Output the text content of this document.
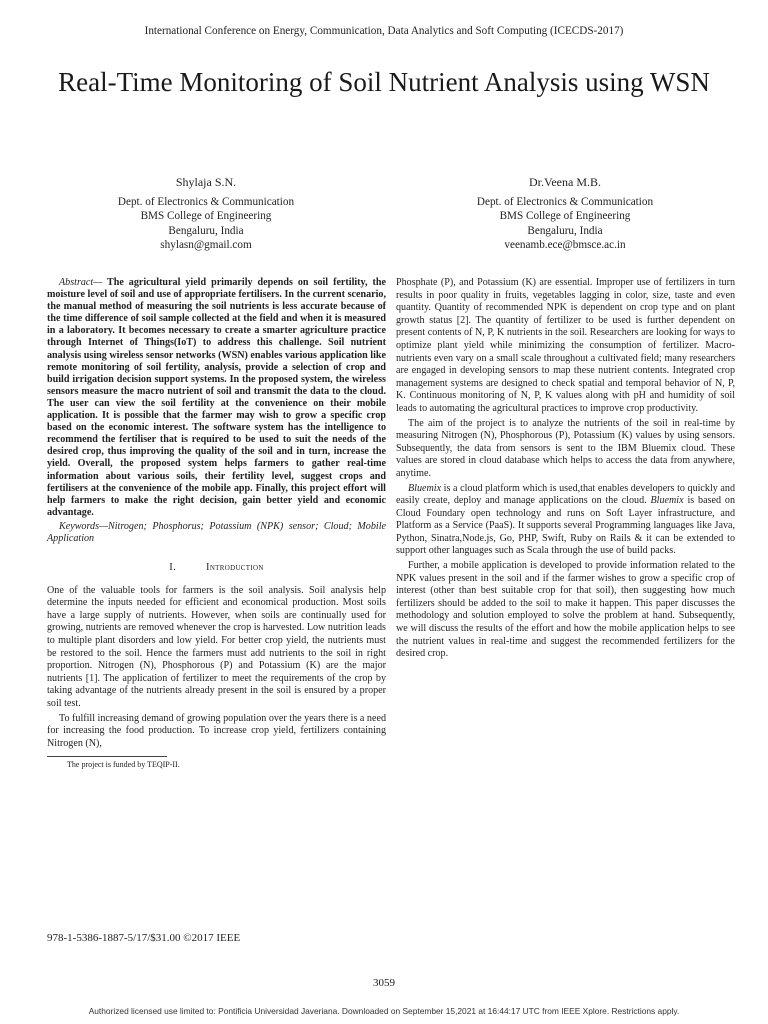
International Conference on Energy, Communication, Data Analytics and Soft Computing (ICECDS-2017)
Real-Time Monitoring of Soil Nutrient Analysis using WSN
Shylaja S.N.
Dept. of Electronics & Communication
BMS College of Engineering
Bengaluru, India
shylasn@gmail.com
Dr.Veena M.B.
Dept. of Electronics & Communication
BMS College of Engineering
Bengaluru, India
veenamb.ece@bmsce.ac.in

Abstract— The agricultural yield primarily depends on soil fertility, the moisture level of soil and use of appropriate fertilisers. In the current scenario, the manual method of measuring the soil nutrients is less accurate because of the time difference of soil sample collected at the field and when it is measured in a laboratory. It becomes necessary to create a smarter agriculture practice through Internet of Things(IoT) to address this challenge. Soil nutrient analysis using wireless sensor networks (WSN) enables various application like remote monitoring of soil fertility, analysis, provide a selection of crop and build irrigation decision support systems. In the proposed system, the wireless sensors measure the macro nutrient of soil and transmit the data to the cloud. The user can view the soil fertility at the convenience on their mobile application. It is possible that the farmer may wish to grow a specific crop based on the economic interest. The software system has the intelligence to recommend the fertiliser that is required to be used to suit the needs of the desired crop, thus improving the quality of the soil and in turn, increase the yield. Overall, the proposed system helps farmers to gather real-time information about various soils, their fertility level, suggest crops and fertilisers at the convenience of the mobile app. Finally, this project effort will help farmers to make the right decision, gain better yield and economic advantage.

Keywords—Nitrogen; Phosphorus; Potassium (NPK) sensor; Cloud; Mobile Application

I.	Introduction

One of the valuable tools for farmers is the soil analysis. Soil analysis help determine the inputs needed for efficient and economical production. Most soils have a large supply of nutrients. However, when soils are continually used for growing, nutrients are removed whenever the crop is harvested. Low nutrition leads to multiple plant disorders and low yield. For better crop yield, the nutrients must be restored to the soil. Hence the farmers must add nutrients to the soil in right proportion. Nitrogen (N), Phosphorous (P) and Potassium (K) are the major nutrients [1]. The application of fertilizer to meet the requirements of the crop by taking advantage of the nutrients already present in the soil is ensured by a proper soil test.

To fulfill increasing demand of growing population over the years there is a need for increasing the food production. To increase crop yield, fertilizers containing Nitrogen (N),

The project is funded by TEQIP-II.

Phosphate (P), and Potassium (K) are essential. Improper use of fertilizers in turn results in poor quality in fruits, vegetables lagging in color, size, taste and even quantity. Quantity of recommended NPK is dependent on crop type and on plant growth status [2]. The quantity of fertilizer to be used is further dependent on present contents of N, P, K nutrients in the soil. Researchers are looking for ways to optimize plant yield while minimizing the consumption of fertilizer. Macro-nutrients even vary on a small scale throughout a cultivated field; many researchers are engaged in developing sensors to map these nutrient contents. Integrated crop management systems are designed to check spatial and temporal behavior of N, P, K. Continuous monitoring of N, P, K values along with pH and humidity of soil leads to automating the agricultural practices to improve crop productivity.

The aim of the project is to analyze the nutrients of the soil in real-time by measuring Nitrogen (N), Phosphorous (P), Potassium (K) values by using sensors. Subsequently, the data from sensors is sent to the IBM Bluemix cloud. These values are stored in cloud database which helps to access the data from anywhere, anytime.

Bluemix is a cloud platform which is used,that enables developers to quickly and easily create, deploy and manage applications on the cloud. Bluemix is based on Cloud Foundary open technology and runs on Soft Layer infrastructure, and Platform as a Service (PaaS). It supports several Programming languages like Java, Python, Sinatra,Node.js, Go, PHP, Swift, Ruby on Rails & it can be extended to support other languages such as Scala through the use of build packs.

Further, a mobile application is developed to provide information related to the NPK values present in the soil and if the farmer wishes to grow a specific crop of interest (other than best suitable crop for that soil), then suggesting how much fertilizers should be added to the soil to make it happen. This paper discusses the methodology and solution employed to solve the problem at hand. Subsequently, we will discuss the results of the effort and how the mobile application helps to see the nutrient values in real-time and suggest the recommended fertilizers for the desired crop.

978-1-5386-1887-5/17/$31.00 ©2017 IEEE
3059
Authorized licensed use limited to: Pontificia Universidad Javeriana. Downloaded on September 15,2021 at 16:44:17 UTC from IEEE Xplore. Restrictions apply.
